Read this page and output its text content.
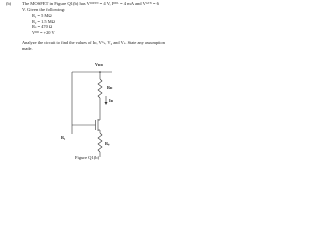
(b) The MOSFET in Figure Q1(b) has Vᴵᴼᴿᵀᴺ = 4 V, Iᴰᴿᴸ = 4 mA and Vᴳᵀᴺ = 6
V. Given the following:
R₁ = 5 MΩ
R₂ = 1.5 MΩ
Rₛ = 470 Ω
Vᴰᴰ = +20 V
Analyze the circuit to find the values of Iᴅ, Vᴳₛ, V₂ and Vₛ. State any assumption
made.
Vᴅᴅ
Rᴅ
Iᴅ
R₁
Rₛ
Figure Q1(b)
